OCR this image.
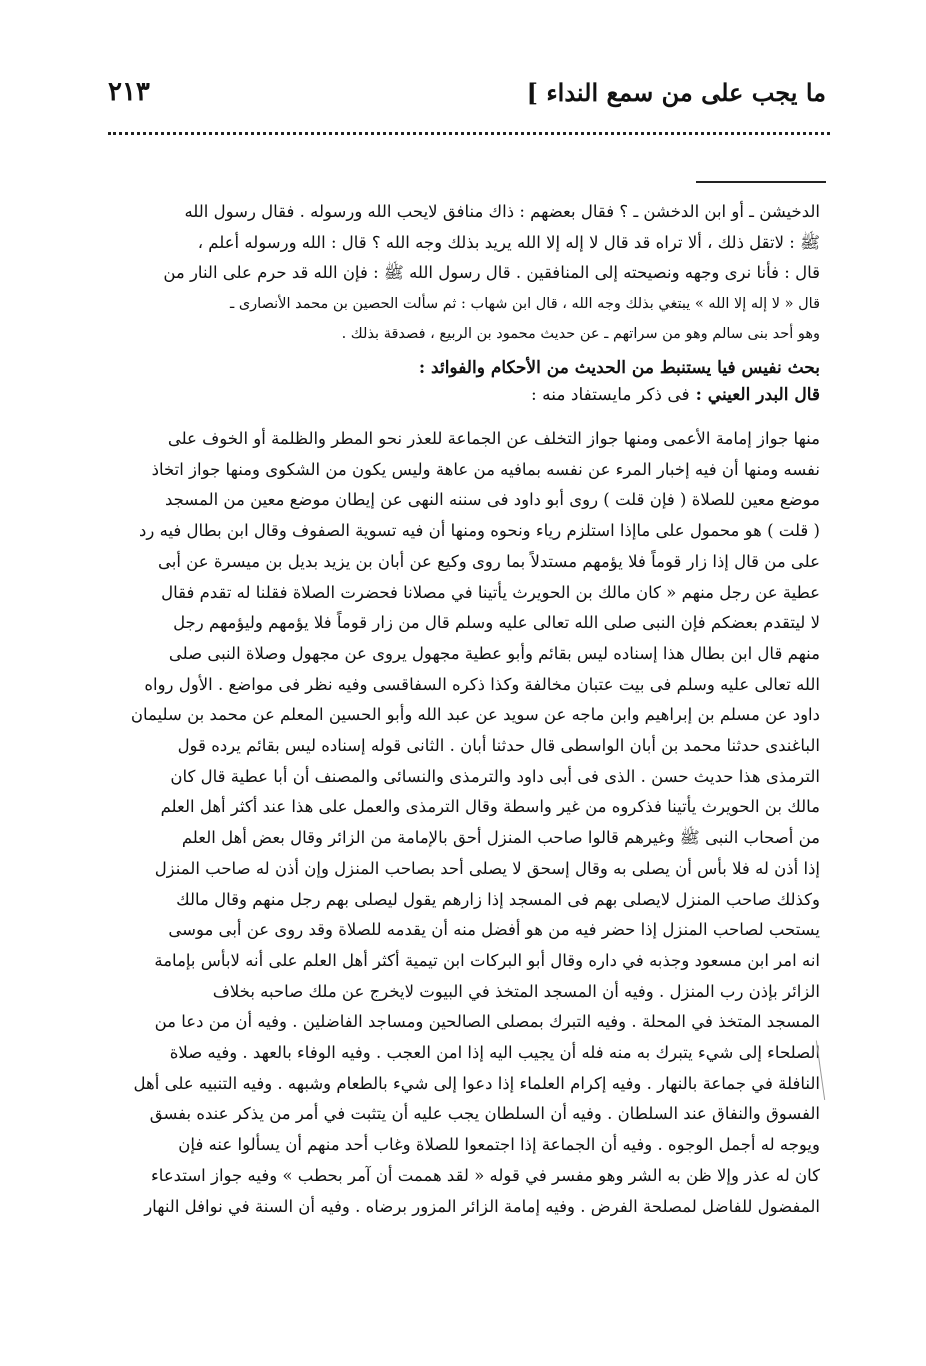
ما يجب على من سمع النداء ]
٢١٣
الدخيشن ـ أو ابن الدخشن ـ ؟ فقال بعضهم : ذاك منافق لايحب الله ورسوله . فقال رسول الله
ﷺ : لاتقل ذلك ، ألا تراه قد قال لا إله إلا الله يريد بذلك وجه الله ؟ قال : الله ورسوله أعلم ،
قال : فأنا نرى وجهه ونصيحته إلى المنافقين . قال رسول الله ﷺ : فإن الله قد حرم على النار من
قال « لا إله إلا الله » يبتغي بذلك وجه الله ، قال ابن شهاب : ثم سألت الحصين بن محمد الأنصارى ـ
وهو أحد بنى سالم وهو من سراتهم ـ عن حديث محمود بن الربيع ، فصدقة بذلك .
بحث نفيس فيا يستنبط من الحديث من الأحكام والفوائد :
قال البدر العيني : فى ذكر مايستفاد منه :
منها جواز إمامة الأعمى ومنها جواز التخلف عن الجماعة للعذر نحو المطر والظلمة أو الخوف على
نفسه ومنها أن فيه إخبار المرء عن نفسه بمافيه من عاهة وليس يكون من الشكوى ومنها جواز اتخاذ
موضع معين للصلاة ( فإن قلت ) روى أبو داود فى سننه النهى عن إيطان موضع معين من المسجد
( قلت ) هو محمول على ماإذا استلزم رياء ونحوه ومنها أن فيه تسوية الصفوف وقال ابن بطال فيه رد
على من قال إذا زار قوماً فلا يؤمهم مستدلاً بما روى وكيع عن أبان بن يزيد بديل بن ميسرة عن أبى
عطية عن رجل منهم « كان مالك بن الحويرث يأتينا في مصلانا فحضرت الصلاة فقلنا له تقدم فقال
لا ليتقدم بعضكم فإن النبى صلى الله تعالى عليه وسلم قال من زار قوماً فلا يؤمهم وليؤمهم رجل
منهم قال ابن بطال هذا إسناده ليس بقائم وأبو عطية مجهول يروى عن مجهول وصلاة النبى صلى
الله تعالى عليه وسلم فى بيت عتبان مخالفة وكذا ذكره السفاقسى وفيه نظر فى مواضع . الأول رواه
داود عن مسلم بن إبراهيم وابن ماجه عن سويد عن عبد الله وأبو الحسين المعلم عن محمد بن سليمان
الباغندى حدثنا محمد بن أبان الواسطى قال حدثنا أبان . الثانى قوله إسناده ليس بقائم يرده قول
الترمذى هذا حديث حسن . الذى فى أبى داود والترمذى والنسائى والمصنف أن أبا عطية قال كان
مالك بن الحويرث يأتينا فذكروه من غير واسطة وقال الترمذى والعمل على هذا عند أكثر أهل العلم
من أصحاب النبى ﷺ وغيرهم قالوا صاحب المنزل أحق بالإمامة من الزائر وقال بعض أهل العلم
إذا أذن له فلا بأس أن يصلى به وقال إسحق لا يصلى أحد بصاحب المنزل وإن أذن له صاحب المنزل
وكذلك صاحب المنزل لايصلى بهم فى المسجد إذا زارهم يقول ليصلى بهم رجل منهم وقال مالك
يستحب لصاحب المنزل إذا حضر فيه من هو أفضل منه أن يقدمه للصلاة وقد روى عن أبى موسى
انه امر ابن مسعود وجذبه في داره وقال أبو البركات ابن تيمية أكثر أهل العلم على أنه لابأس بإمامة
الزائر بإذن رب المنزل . وفيه أن المسجد المتخذ في البيوت لايخرج عن ملك صاحبه بخلاف
المسجد المتخذ في المحلة . وفيه التبرك بمصلى الصالحين ومساجد الفاضلين . وفيه أن من دعا من
الصلحاء إلى شيء يتبرك به منه فله أن يجيب اليه إذا امن العجب . وفيه الوفاء بالعهد . وفيه صلاة
النافلة في جماعة بالنهار . وفيه إكرام العلماء إذا دعوا إلى شيء بالطعام وشبهه . وفيه التنبيه على أهل
الفسوق والنفاق عند السلطان . وفيه أن السلطان يجب عليه أن يتثبت في أمر من يذكر عنده بفسق
ويوجه له أجمل الوجوه . وفيه أن الجماعة إذا اجتمعوا للصلاة وغاب أحد منهم أن يسألوا عنه فإن
كان له عذر وإلا ظن به الشر وهو مفسر في قوله « لقد هممت أن آمر بحطب » وفيه جواز استدعاء
المفضول للفاضل لمصلحة الفرض . وفيه إمامة الزائر المزور برضاه . وفيه أن السنة في نوافل النهار
